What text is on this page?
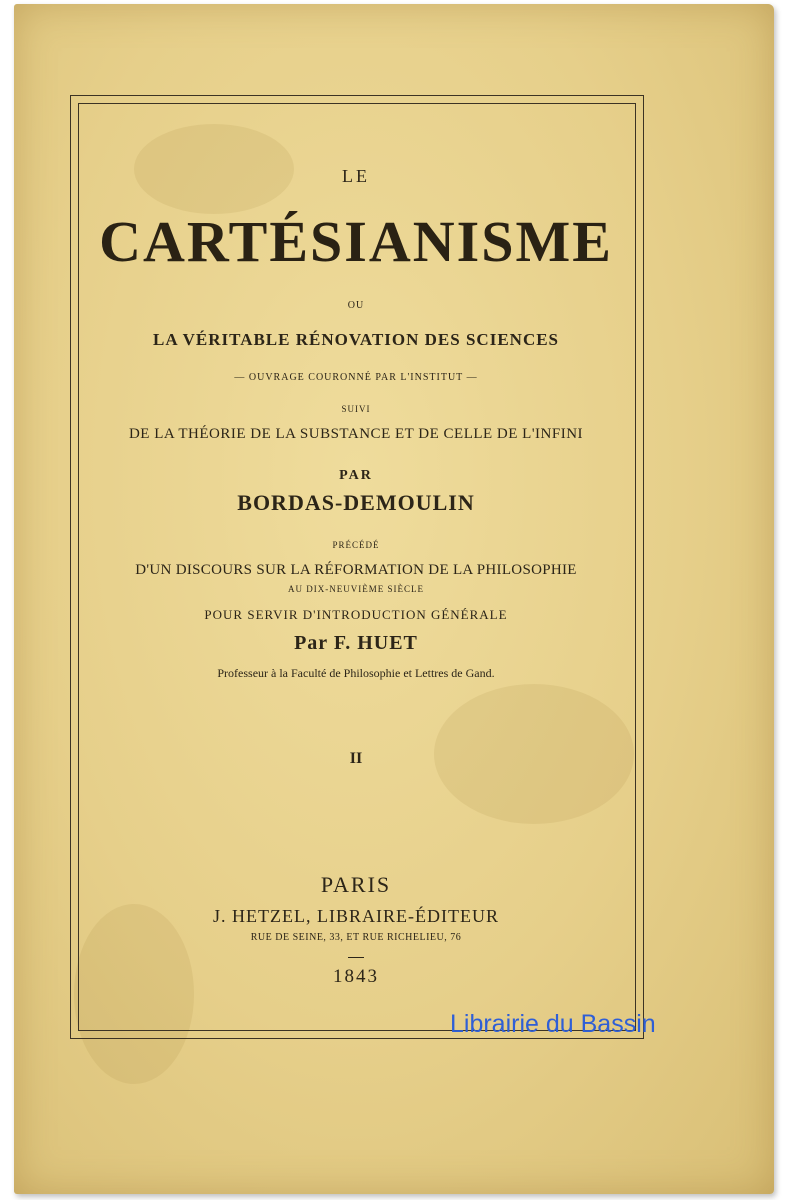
LE
CARTÉSIANISME
OU
LA VÉRITABLE RÉNOVATION DES SCIENCES
— OUVRAGE COURONNÉ PAR L'INSTITUT —
SUIVI
DE LA THÉORIE DE LA SUBSTANCE ET DE CELLE DE L'INFINI
PAR
BORDAS-DEMOULIN
PRÉCÉDÉ
D'UN DISCOURS SUR LA RÉFORMATION DE LA PHILOSOPHIE
AU DIX-NEUVIÈME SIÈCLE
POUR SERVIR D'INTRODUCTION GÉNÉRALE
Par F. HUET
Professeur à la Faculté de Philosophie et Lettres de Gand.
II
PARIS
J. HETZEL, LIBRAIRE-ÉDITEUR
RUE DE SEINE, 33, ET RUE RICHELIEU, 76
1843
Librairie du Bassin
